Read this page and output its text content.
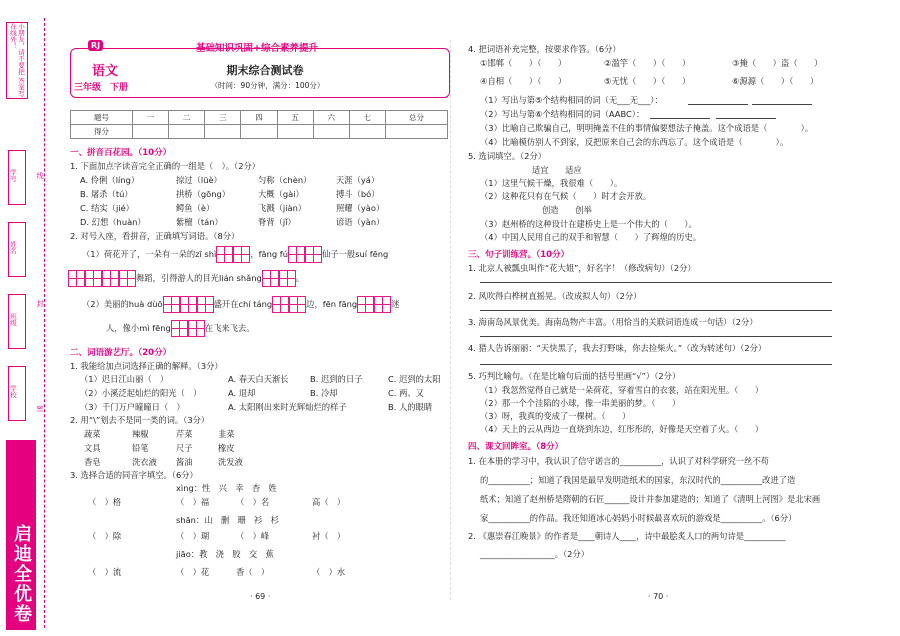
小朋友，请不要把 答案写在线外！
学号
姓名
班级
学校
线
封
密
启迪全优卷
RJ
语文
三年级　下册
基础知识巩固+综合素养提升
期末综合测试卷
（时间：90分钟，满分：100分）
题号	一	二	三	四	五	六	七	总分
得分								
一、拼音百花园。（10分）
1. 下面加点字读音完全正确的一组是（　）。（2分）
A. 伶俐（líng）	掠过（lüè）	匀称（chèn）	天涯（yá）
B. 屠杀（tú）	拱桥（gōng）	大概（gài）	搏斗（bó）
C. 结实（jié）	鳄鱼（è）	飞溅（jiàn）	照耀（yào）
D. 幻想（huàn）	紫檀（tán）	脊背（jǐ）	谚语（yàn）
2. 对号入座，看拼音，正确填写词语。（8分）
（1）荷花开了，一朵有一朵的zī shì	，fāng fú	仙子一般suí fēng
舞蹈，引得游人的目光lián shǎng	。
（2）美丽的huà dùō	盛开在chí táng	边，fēn fāng	迷
人，像小mì fēng	在飞来飞去。
二、词语游艺厅。（20分）
1. 我能给加点词选择正确的解释。（3分）
（1）迟日江山丽（　）	A. 春天白天渐长	B. 迟到的日子	C. 迟到的太阳
（2）小溪泛起灿烂的阳光（　）	A. 退却	B. 冷却	C. 两、又
（3）千门万户曈曈日（　）	A. 太阳刚出来时光辉灿烂的样子	B. 人的眼睛
2. 用“\”划去不是同一类的词。（3分）
蔬菜	辣椒	芹菜	韭菜
文具	铅笔	尺子	橡皮
香皂	洗衣液 酱油	洗发液
3. 选择合适的同音字填空。（6分）
xìng：性　兴　幸　杏　姓
（　）格	（　）福	（　）名	高（　）
shān：山　删　珊　衫　杉
（　）除	（　）瑚	（　）峰	衬（　）
jiāo：教　浇　胶　交　蕉
（　）流	（　）花	香（　）	（　）水
· 69 ·
4. 把词语补充完整，按要求作答。（6分）
①邯郸（　　）（　　）	②滥竽（　　）（　　）	③掩（　　）盗（　　）
④自相（　　）（　　）	⑤无忧（　　）（　　）	⑥源源（　　）（　　）
（1）写出与第⑤个结构相同的词（无___无___）：
（2）写出与第⑥个结构相同的词（AABC）：
（3）比喻自己欺骗自己，明明掩盖不住的事情偏要想法子掩盖。这个成语是（　　　　）。
（4）比喻模仿别人不到家，反把原来自己会的东西忘了。这个成语是（　　　　）。
5. 选词填空。（2分）
适宜　　适应
（1）这里气候干燥，我很难（　　）。
（2）这种花只有在气候（　　）时才会开放。
创造　　创举
（3）赵州桥的这种设计在建桥史上是一个伟大的（　　）。
（4）中国人民用自己的双手和智慧（　　）了辉煌的历史。
三、句子训练营。（10分）
1. 北京人被瓢虫叫作“花大姐”，好名字！（修改病句）（2分）
2. 风吹得白桦树直摇晃。（改成拟人句）（2分）
3. 海南岛风景优美。海南岛物产丰富。（用恰当的关联词语连成一句话）（2分）
4. 猎人告诉丽丽：“天快黑了，我去打野味，你去捡柴火。”（改为转述句）（2分）
5. 巧判比喻句。（在是比喻句后面的括号里画“√”）（2分）
（1）我忽然觉得自己就是一朵荷花，穿着雪白的衣裳，站在阳光里。（　　）
（2）那一个个洼陷的小球，像一串美丽的梦。（　　）
（3）呀，我真的变成了一棵树。（　　）
（4）天上的云从西边一直烧到东边，红彤彤的，好像是天空着了火。（　　）
四、课文回眸室。（8分）
1. 在本册的学习中，我认识了信守诺言的__________，认识了对科学研究一丝不苟
的__________；知道了我国是最早发明造纸术的国家，东汉时代的__________改进了造
纸术；知道了赵州桥是隋朝的石匠______设计并参加建造的；知道了《清明上河图》是北宋画
家__________的作品。我还知道冰心妈妈小时候最喜欢玩的游戏是__________。（6分）
2. 《惠崇春江晚景》的作者是____朝诗人____，诗中最脍炙人口的两句诗是__________
__________________。（2分）
· 70 ·
